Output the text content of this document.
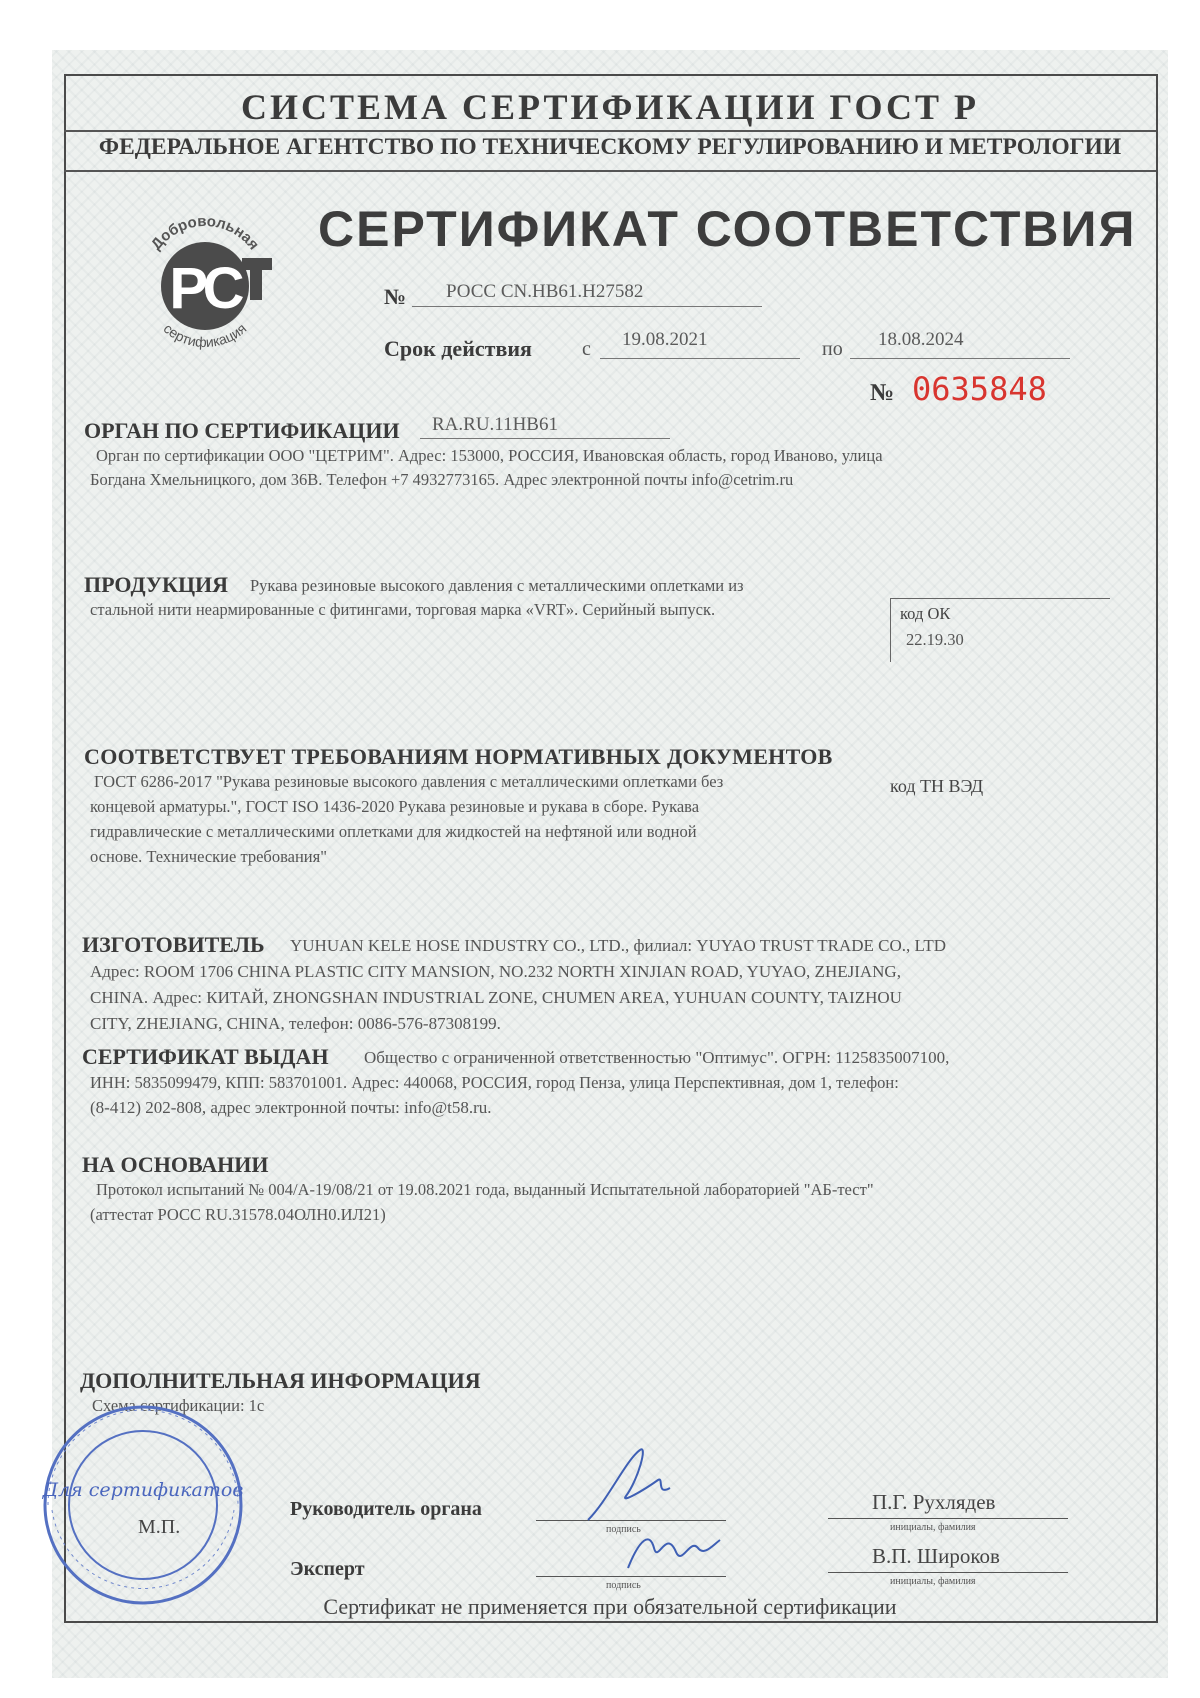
СИСТЕМА СЕРТИФИКАЦИИ ГОСТ Р
ФЕДЕРАЛЬНОЕ АГЕНТСТВО ПО ТЕХНИЧЕСКОМУ РЕГУЛИРОВАНИЮ И МЕТРОЛОГИИ
РС
Добровольная
сертификация
СЕРТИФИКАТ СООТВЕТСТВИЯ
№ РОСС CN.НВ61.Н27582
Срок действия	с 19.08.2021	по 18.08.2024
№ 0635848
ОРГАН ПО СЕРТИФИКАЦИИ RA.RU.11НВ61
Орган по сертификации ООО "ЦЕТРИМ". Адрес: 153000, РОССИЯ, Ивановская область, город Иваново, улица
Богдана Хмельницкого, дом 36В. Телефон +7 4932773165. Адрес электронной почты info@cetrim.ru
ПРОДУКЦИЯ Рукава резиновые высокого давления с металлическими оплетками из
стальной нити неармированные с фитингами, торговая марка «VRT». Серийный выпуск.	код ОК
22.19.30
СООТВЕТСТВУЕТ ТРЕБОВАНИЯМ НОРМАТИВНЫХ ДОКУМЕНТОВ
ГОСТ 6286-2017 "Рукава резиновые высокого давления с металлическими оплетками без
концевой арматуры.", ГОСТ ISO 1436-2020 Рукава резиновые и рукава в сборе. Рукава
гидравлические с металлическими оплетками для жидкостей на нефтяной или водной
основе. Технические требования"
код ТН ВЭД
ИЗГОТОВИТЕЛЬ YUHUAN KELE HOSE INDUSTRY CO., LTD., филиал: YUYAO TRUST TRADE CO., LTD
Адрес: ROOM 1706 CHINA PLASTIC CITY MANSION, NO.232 NORTH XINJIAN ROAD, YUYAO, ZHEJIANG,
CHINA. Адрес: КИТАЙ, ZHONGSHAN INDUSTRIAL ZONE, CHUMEN AREA, YUHUAN COUNTY, TAIZHOU
CITY, ZHEJIANG, CHINA, телефон: 0086-576-87308199.
СЕРТИФИКАТ ВЫДАН Общество с ограниченной ответственностью "Оптимус". ОГРН: 1125835007100,
ИНН: 5835099479, КПП: 583701001. Адрес: 440068, РОССИЯ, город Пенза, улица Перспективная, дом 1, телефон:
(8-412) 202-808, адрес электронной почты: info@t58.ru.
НА ОСНОВАНИИ
Протокол испытаний № 004/А-19/08/21 от 19.08.2021 года, выданный Испытательной лабораторией "АБ-тест"
(аттестат РОСС RU.31578.04ОЛН0.ИЛ21)
ДОПОЛНИТЕЛЬНАЯ ИНФОРМАЦИЯ
Схема сертификации: 1с
Для сертификатов
М.П.
Руководитель органа
подпись
П.Г. Рухлядев
инициалы, фамилия
Эксперт
подпись
В.П. Широков
инициалы, фамилия
Сертификат не применяется при обязательной сертификации
